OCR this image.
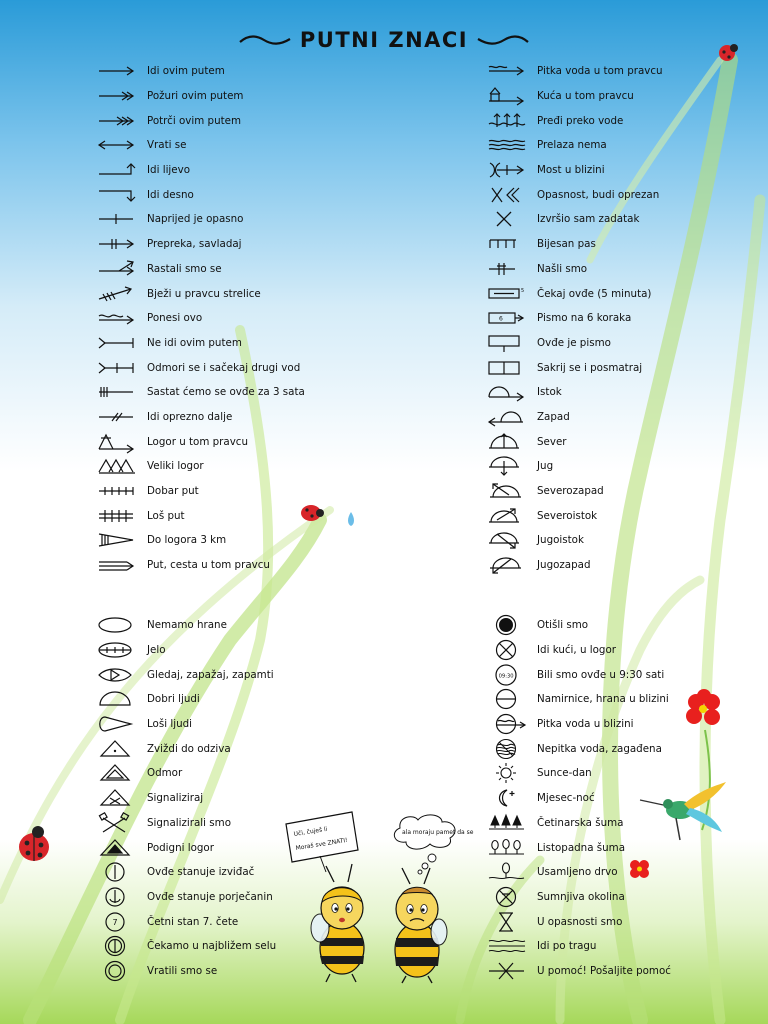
PUTNI ZNACI
Idi ovim putem
Požuri ovim putem
Potrči ovim putem
Vrati se
Idi lijevo
Idi desno
Naprijed je opasno
Prepreka, savladaj
Rastali smo se
Bježi u pravcu strelice
Ponesi ovo
Ne idi ovim putem
Odmori se i sačekaj drugi vod
Sastat ćemo se ovđe za 3 sata
Idi oprezno dalje
Logor u tom pravcu
Veliki logor
Dobar put
Loš put
Do logora 3 km
Put, cesta u tom pravcu
Pitka voda u tom pravcu
Kuća u tom pravcu
Pređi preko vode
Prelaza nema
Most u blizini
Opasnost, budi oprezan
Izvršio sam zadatak
Bijesan pas
Našli smo
5 Čekaj ovđe (5 minuta)
6	Pismo na 6 koraka
Ovđe je pismo
Sakrij se i posmatraj
Istok
Zapad
Sever
Jug
Severozapad
Severoistok
Jugoistok
Jugozapad
Nemamo hrane
Jelo
Gledaj, zapažaj, zapamti
Dobri ljudi
Loši ljudi
Zviždi do odziva
Odmor
Signaliziraj
Signalizirali smo
Podigni logor
Ovđe stanuje izviđač
Ovđe stanuje porječanin
7	Četni stan 7. čete
Čekamo u najbližem selu
Vratili smo se
Otišli smo
Idi kući, u logor
09:30 Bili smo ovđe u 9:30 sati
Namirnice, hrana u blizini
Pitka voda u blizini
Nepitka voda, zagađena
Sunce-dan
Mjesec-noć
Četinarska šuma
Listopadna šuma
Usamljeno drvo
Sumnjiva okolina
U opasnosti smo
Idi po tragu
U pomoć! Pošaljite pomoć
Uči, čuješ li
Moraš sve ZNATI!
ala moraju pamet da se
